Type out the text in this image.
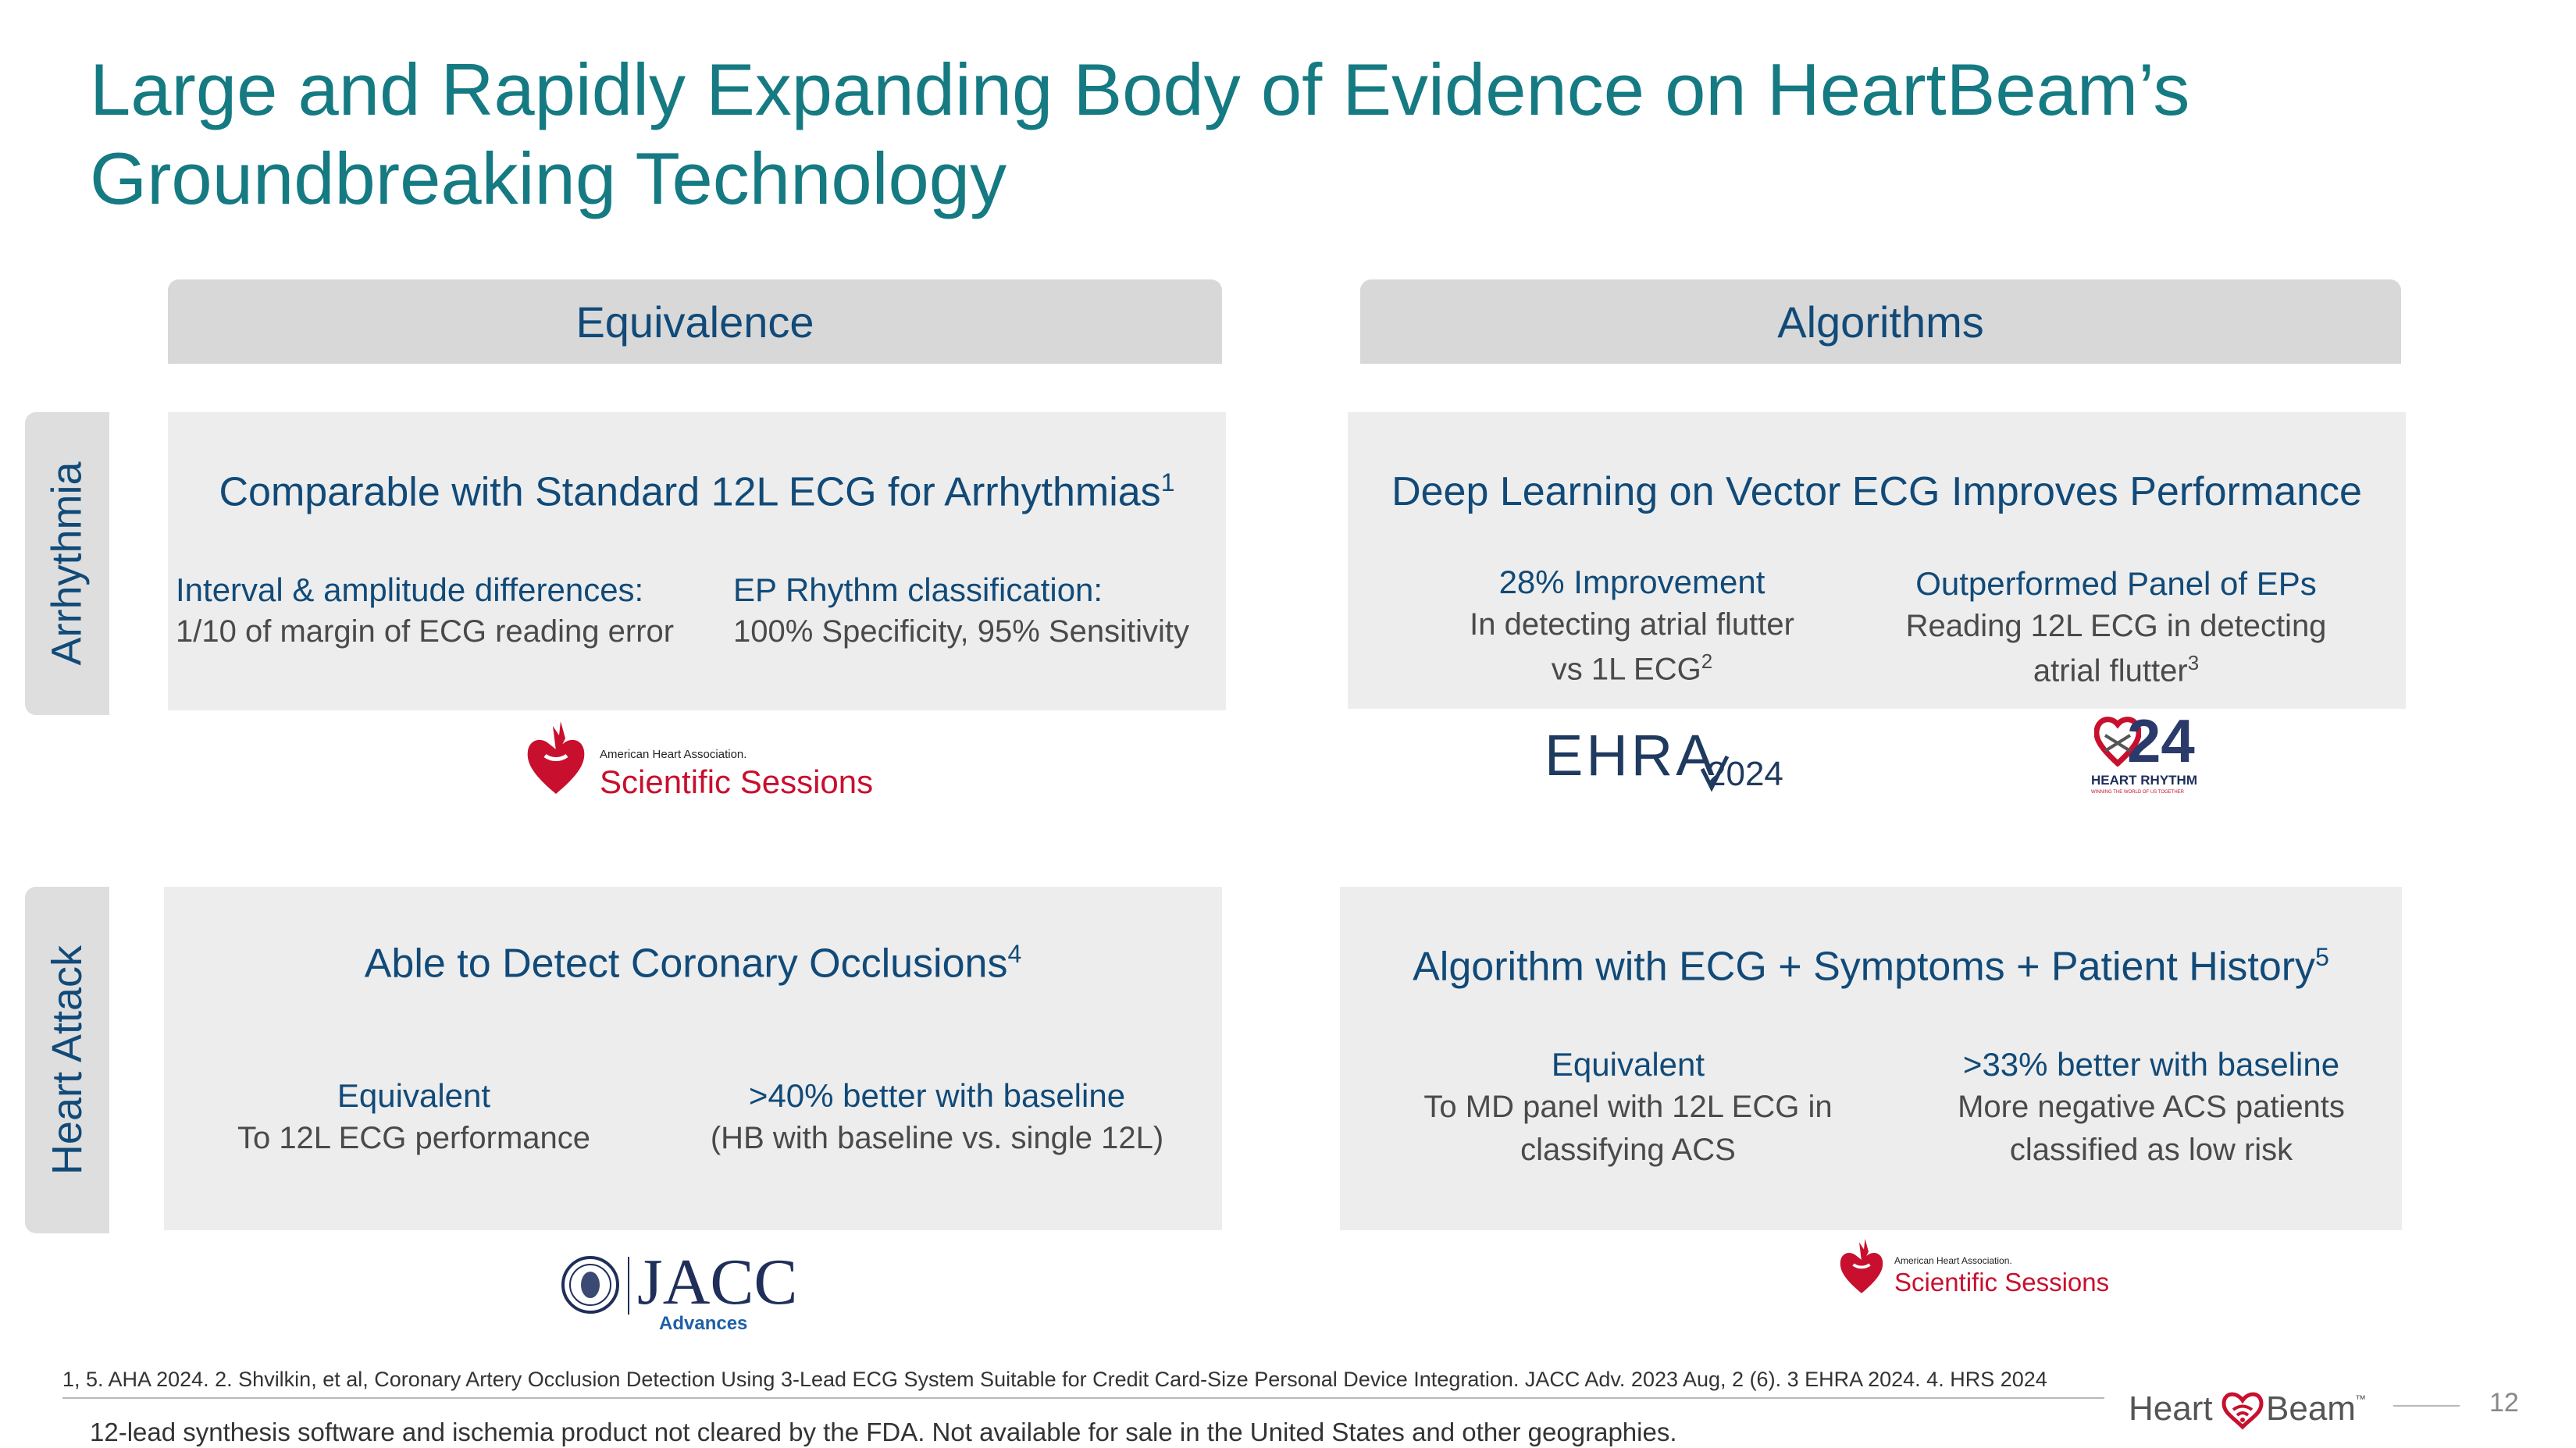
Large and Rapidly Expanding Body of Evidence on HeartBeam’s
Groundbreaking Technology
Equivalence	Algorithms
Arrhythmia
Heart Attack
Comparable with Standard 12L ECG for Arrhythmias$^1$
Interval & amplitude differences:
1/10 of margin of ECG reading error
EP Rhythm classification:
100% Specificity, 95% Sensitivity
Deep Learning on Vector ECG Improves Performance
28% Improvement
In detecting atrial flutter
vs 1L ECG$^2$
Outperformed Panel of EPs
Reading 12L ECG in detecting
atrial flutter$^3$
Able to Detect Coronary Occlusions$^4$
Equivalent
To 12L ECG performance
>40% better with baseline
(HB with baseline vs. single 12L)
Algorithm with ECG + Symptoms + Patient History$^5$
Equivalent
To MD panel with 12L ECG in
classifying ACS
>33% better with baseline
More negative ACS patients
classified as low risk
American Heart Association.
Scientific Sessions	EHRA
2024	24
HEART RHYTHM
WINNING THE WORLD OF US TOGETHER
JACC
Advances
American Heart Association.
Scientific Sessions
1, 5. AHA 2024. 2. Shvilkin, et al, Coronary Artery Occlusion Detection Using 3-Lead ECG System Suitable for Credit Card-Size Personal Device Integration. JACC Adv. 2023 Aug, 2 (6). 3 EHRA 2024. 4. HRS 2024
12-lead synthesis software and ischemia product not cleared by the FDA. Not available for sale in the United States and other geographies.
Heart Beam ™	12
